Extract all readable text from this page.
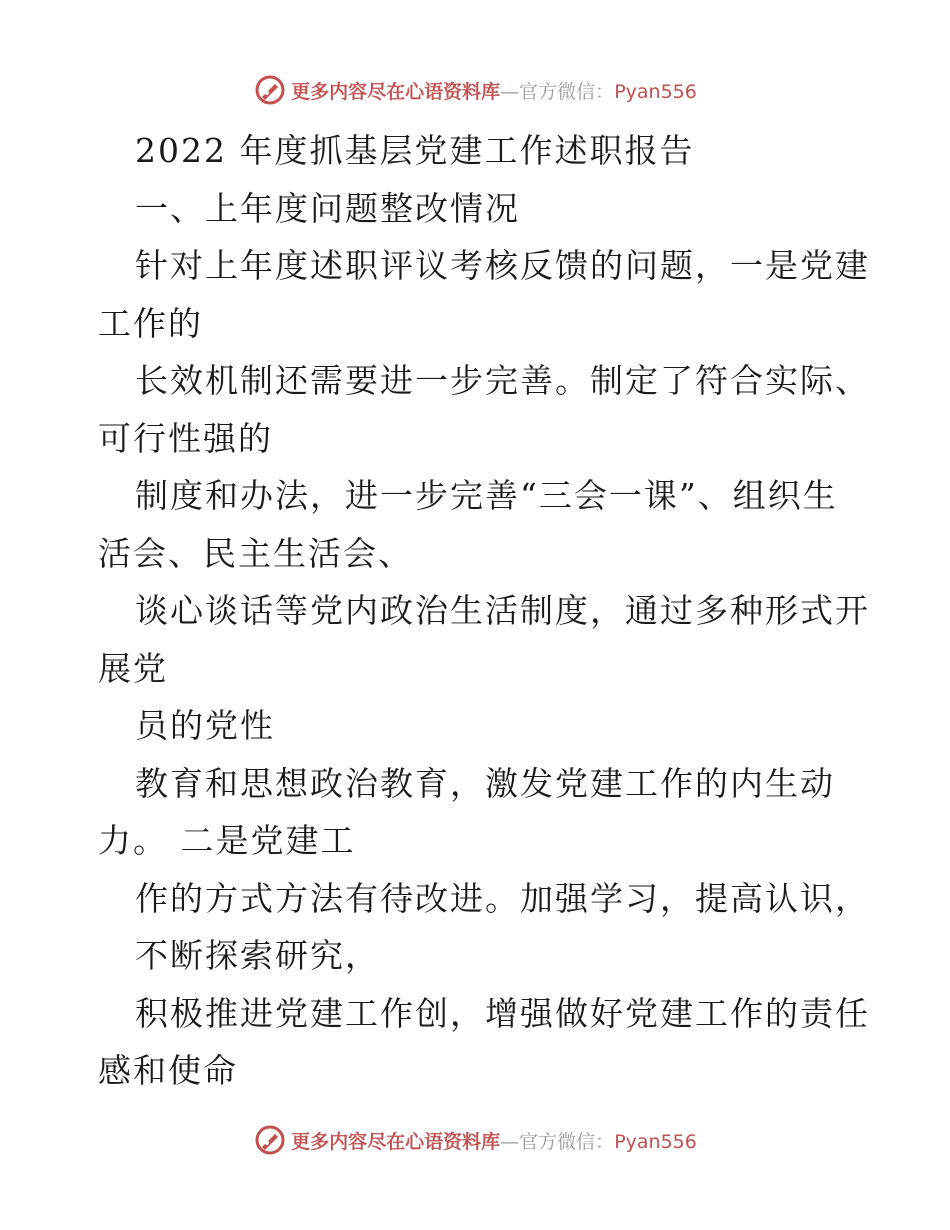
更多内容尽在心语资料库—官方微信：Pyan556
2022 年度抓基层党建工作述职报告
一、上年度问题整改情况
针对上年度述职评议考核反馈的问题，一是党建
工作的
长效机制还需要进一步完善。制定了符合实际、
可行性强的
制度和办法，进一步完善“三会一课”、组织生
活会、民主生活会、
谈心谈话等党内政治生活制度，通过多种形式开
展党
员的党性
教育和思想政治教育，激发党建工作的内生动
力。 二是党建工
作的方式方法有待改进。加强学习，提高认识，
不断探索研究，
积极推进党建工作创，增强做好党建工作的责任
感和使命
更多内容尽在心语资料库—官方微信：Pyan556
